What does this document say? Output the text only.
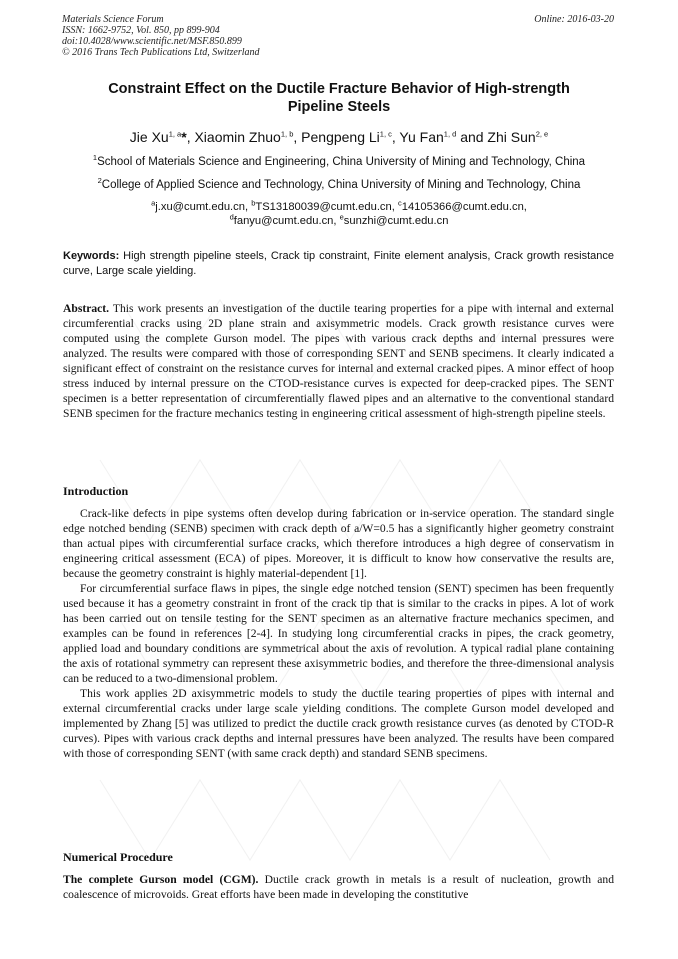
Materials Science Forum
ISSN: 1662-9752, Vol. 850, pp 899-904
doi:10.4028/www.scientific.net/MSF.850.899
© 2016 Trans Tech Publications Ltd, Switzerland
Online: 2016-03-20
Constraint Effect on the Ductile Fracture Behavior of High-strength
Pipeline Steels
Jie Xu$^{1, a}$*, Xiaomin Zhuo$^{1, b}$, Pengpeng Li$^{1, c}$, Yu Fan$^{1, d}$ and Zhi Sun$^{2, e}$
$^1$School of Materials Science and Engineering, China University of Mining and Technology, China
$^2$College of Applied Science and Technology, China University of Mining and Technology, China
$^a$j.xu@cumt.edu.cn, $^b$TS13180039@cumt.edu.cn, $^c$14105366@cumt.edu.cn,
$^d$fanyu@cumt.edu.cn, $^e$sunzhi@cumt.edu.cn
Keywords: High strength pipeline steels, Crack tip constraint, Finite element analysis, Crack growth resistance curve, Large scale yielding.
Abstract. This work presents an investigation of the ductile tearing properties for a pipe with internal and external circumferential cracks using 2D plane strain and axisymmetric models. Crack growth resistance curves were computed using the complete Gurson model. The pipes with various crack depths and internal pressures were analyzed. The results were compared with those of corresponding SENT and SENB specimens. It clearly indicated a significant effect of constraint on the resistance curves for internal and external cracked pipes. A minor effect of hoop stress induced by internal pressure on the CTOD-resistance curves is expected for deep-cracked pipes. The SENT specimen is a better representation of circumferentially flawed pipes and an alternative to the conventional standard SENB specimen for the fracture mechanics testing in engineering critical assessment of high-strength pipeline steels.
Introduction
Crack-like defects in pipe systems often develop during fabrication or in-service operation. The standard single edge notched bending (SENB) specimen with crack depth of a/W=0.5 has a significantly higher geometry constraint than actual pipes with circumferential surface cracks, which therefore introduces a high degree of conservatism in engineering critical assessment (ECA) of pipes. Moreover, it is difficult to know how conservative the results are, because the geometry constraint is highly material-dependent [1].
For circumferential surface flaws in pipes, the single edge notched tension (SENT) specimen has been frequently used because it has a geometry constraint in front of the crack tip that is similar to the cracks in pipes. A lot of work has been carried out on tensile testing for the SENT specimen as an alternative fracture mechanics specimen, and examples can be found in references [2-4]. In studying long circumferential cracks in pipes, the crack geometry, applied load and boundary conditions are symmetrical about the axis of revolution. A typical radial plane containing the axis of rotational symmetry can represent these axisymmetric bodies, and therefore the three-dimensional analysis can be reduced to a two-dimensional problem.
This work applies 2D axisymmetric models to study the ductile tearing properties of pipes with internal and external circumferential cracks under large scale yielding conditions. The complete Gurson model developed and implemented by Zhang [5] was utilized to predict the ductile crack growth resistance curves (as denoted by CTOD-R curves). Pipes with various crack depths and internal pressures have been analyzed. The results have been compared with those of corresponding SENT (with same crack depth) and standard SENB specimens.
Numerical Procedure
The complete Gurson model (CGM). Ductile crack growth in metals is a result of nucleation, growth and coalescence of microvoids. Great efforts have been made in developing the constitutive
